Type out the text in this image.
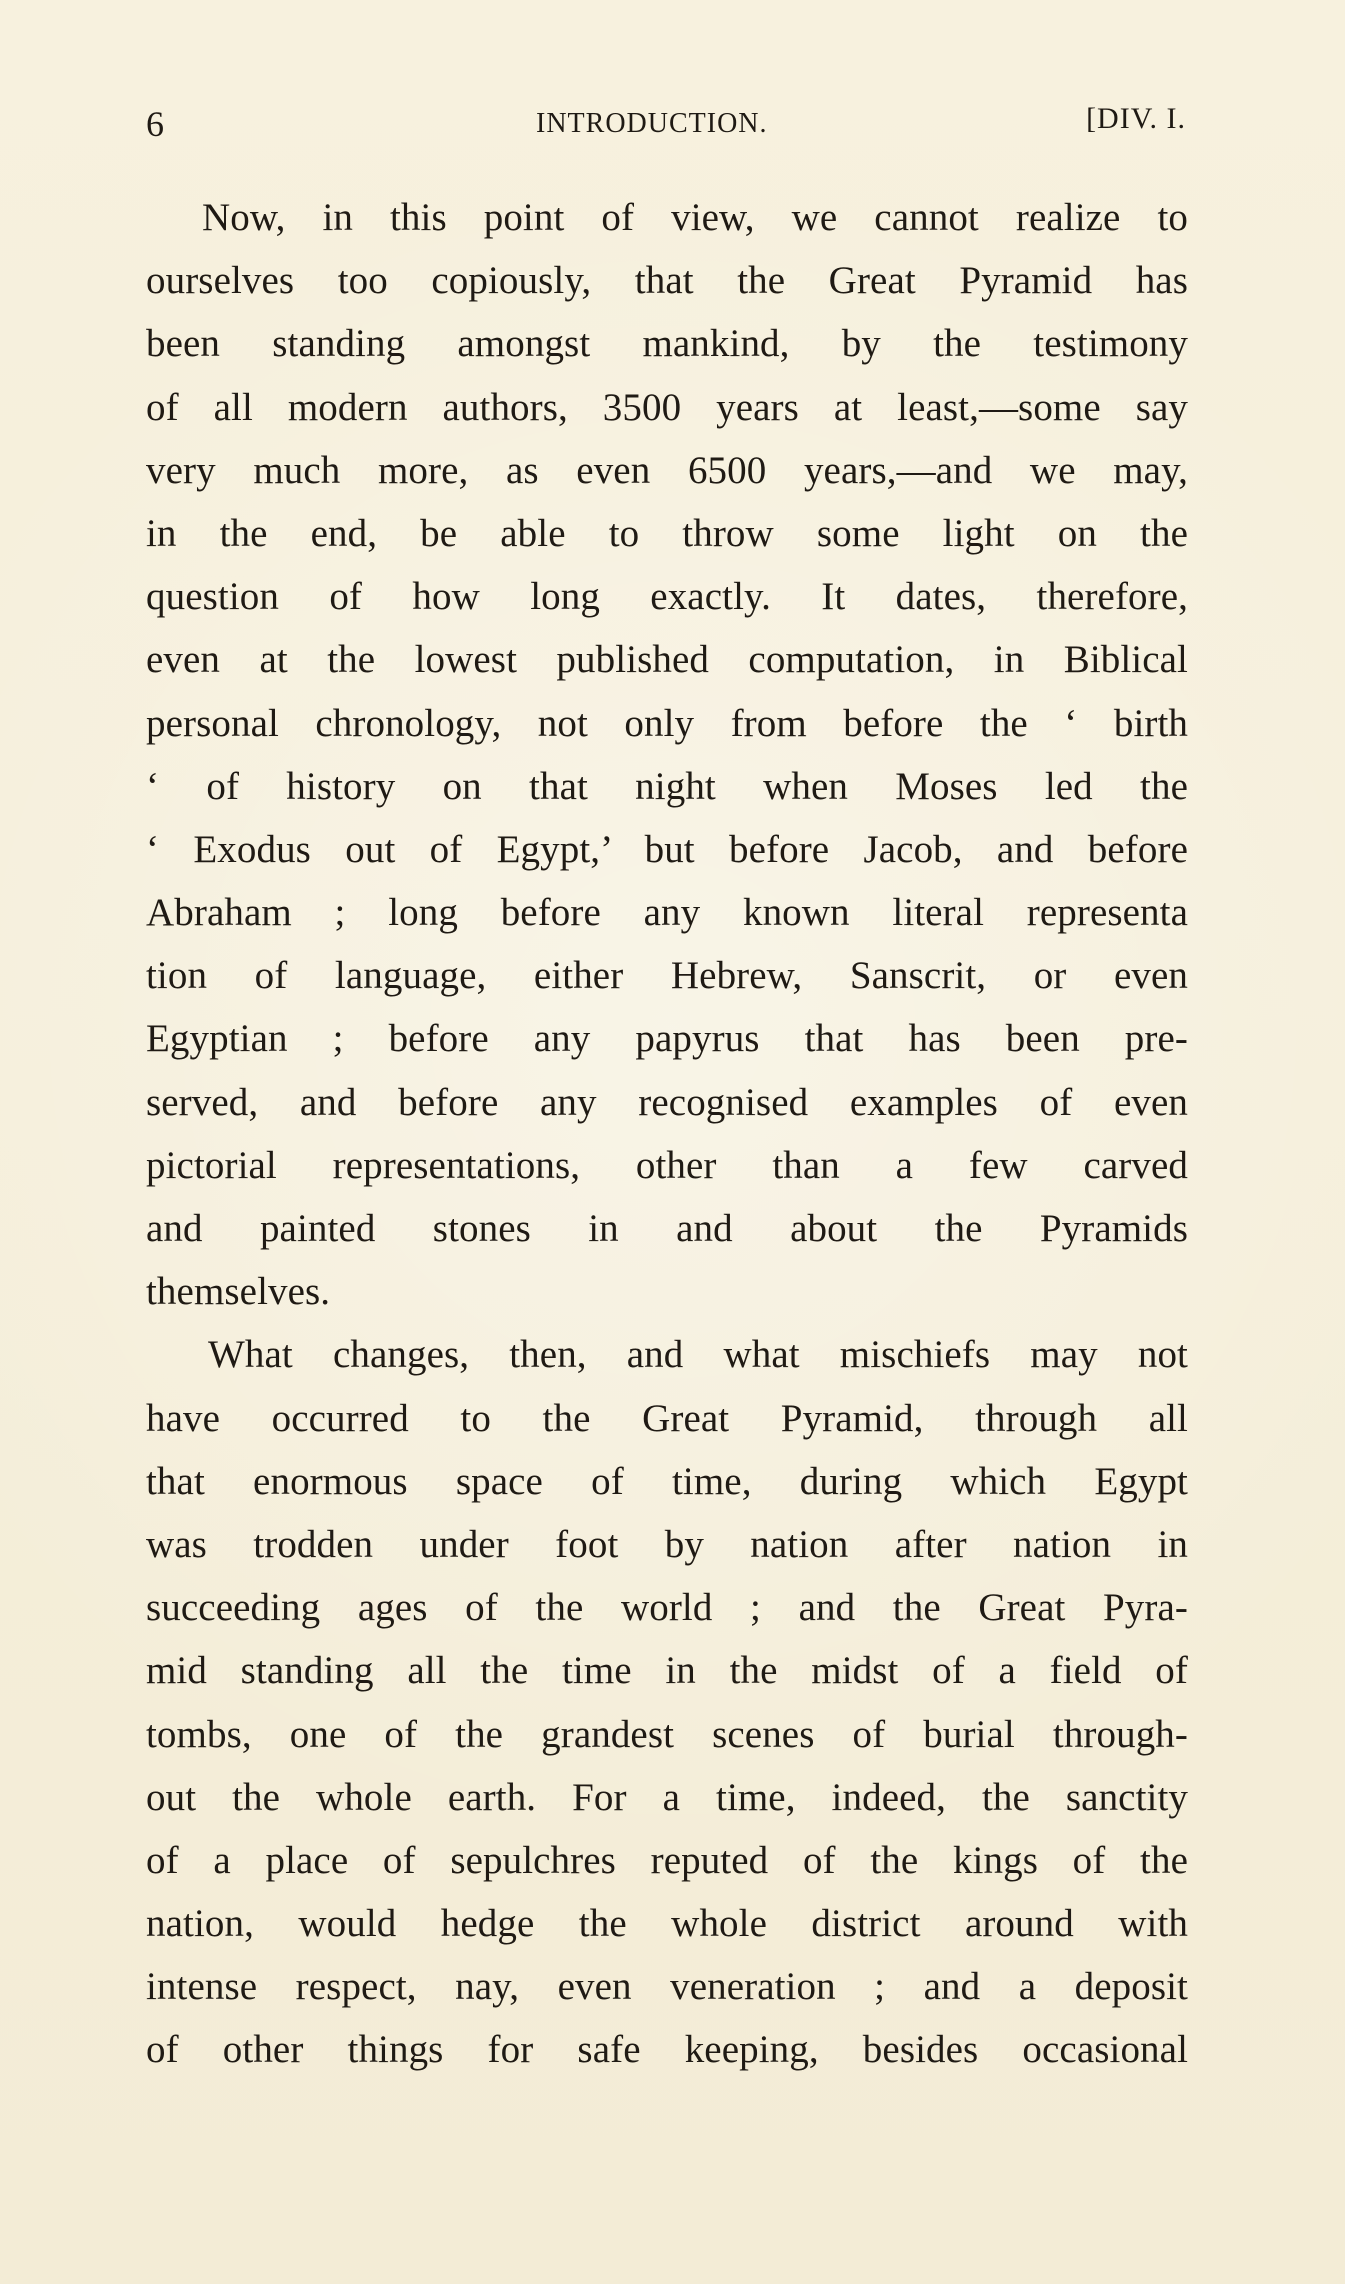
6	INTRODUCTION.	[DIV. I.
Now, in this point of view, we cannot realize to
ourselves too copiously, that the Great Pyramid has
been standing amongst mankind, by the testimony
of all modern authors, 3500 years at least,—some say
very much more, as even 6500 years,—and we may,
in the end, be able to throw some light on the
question of how long exactly. It dates, therefore,
even at the lowest published computation, in Biblical
personal chronology, not only from before the ‘ birth
‘ of history on that night when Moses led the
‘ Exodus out of Egypt,’ but before Jacob, and before
Abraham ; long before any known literal representa
tion of language, either Hebrew, Sanscrit, or even
Egyptian ; before any papyrus that has been pre-
served, and before any recognised examples of even
pictorial representations, other than a few carved
and painted stones in and about the Pyramids
themselves.
What changes, then, and what mischiefs may not
have occurred to the Great Pyramid, through all
that enormous space of time, during which Egypt
was trodden under foot by nation after nation in
succeeding ages of the world ; and the Great Pyra-
mid standing all the time in the midst of a field of
tombs, one of the grandest scenes of burial through-
out the whole earth. For a time, indeed, the sanctity
of a place of sepulchres reputed of the kings of the
nation, would hedge the whole district around with
intense respect, nay, even veneration ; and a deposit
of other things for safe keeping, besides occasional
